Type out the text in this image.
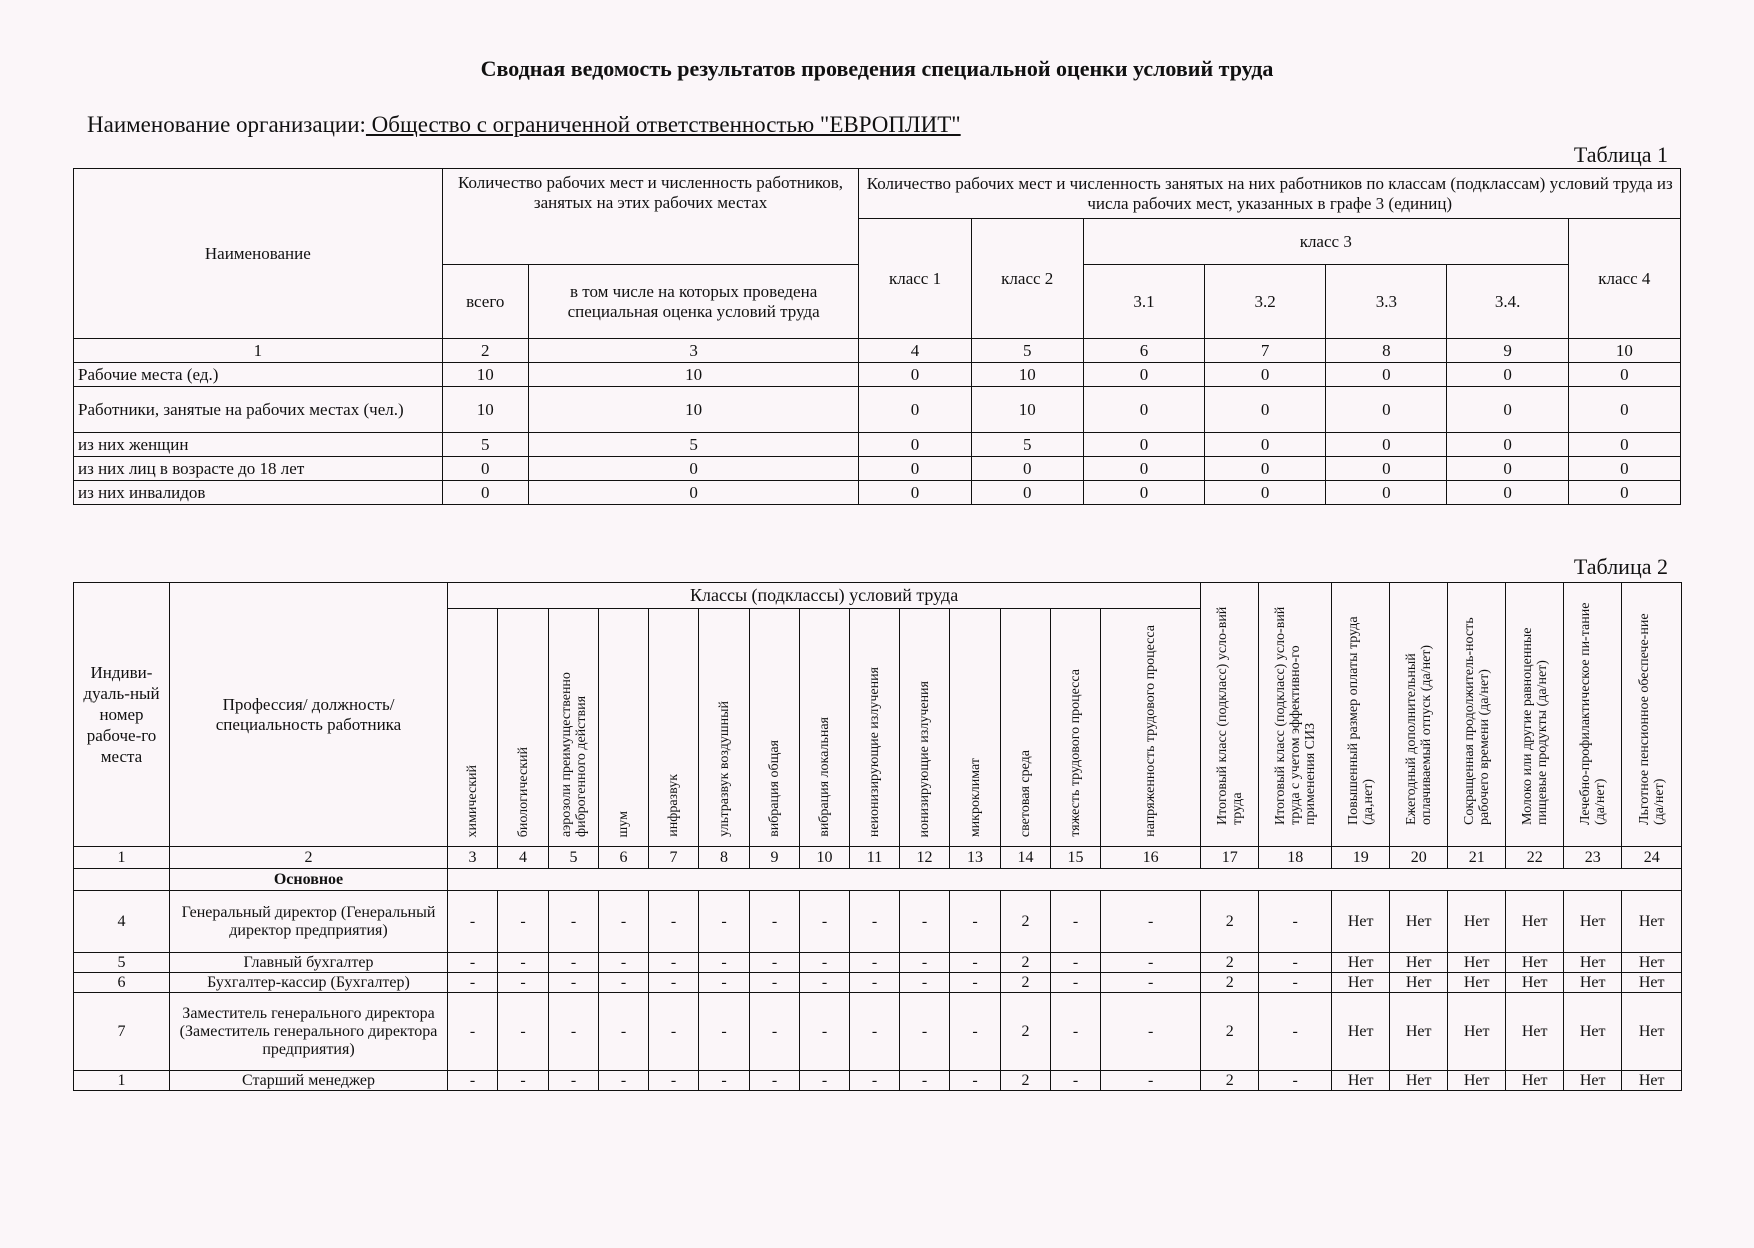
Сводная ведомость результатов проведения специальной оценки условий труда
Наименование организации: Общество с ограниченной ответственностью "ЕВРОПЛИТ"
Таблица 1
Наименование	Количество рабочих мест и численность работников, занятых на этих рабочих местах		Количество рабочих мест и численность занятых на них работников по классам (подклассам) условий труда из числа рабочих мест, указанных в графе 3 (единиц)						
			класс 1	класс 2	класс 3				класс 4
	всего	в том числе на которых проведена специальная оценка условий труда			3.1	3.2	3.3	3.4.	
1	2	3	4	5	6	7	8	9	10
Рабочие места (ед.)	10	10	0	10	0	0	0	0	0
Работники, занятые на рабочих местах (чел.)	10	10	0	10	0	0	0	0	0
из них женщин	5	5	0	5	0	0	0	0	0
из них лиц в возрасте до 18 лет	0	0	0	0	0	0	0	0	0
из них инвалидов	0	0	0	0	0	0	0	0	0
Таблица 2
Индиви-дуаль-ный номер рабоче-го места	Профессия/ должность/ специальность работника	Классы (подклассы) условий труда														Итоговый класс (подкласс) усло-вий труда	Итоговый класс (подкласс) усло-вий труда с учетом эффективно-го применения СИЗ	Повышенный размер оплаты труда (да,нет)	Ежегодный дополнительный оплачиваемый отпуск (да/нет)	Сокращенная продолжитель-ность рабочего времени (да/нет)	Молоко или другие равноценные пищевые продукты (да/нет)	Лечебно-профилактическое пи-тание (да/нет)	Льготное пенсионное обеспече-ние (да/нет)
		химический	биологический	аэрозоли преимущественно фиброгенного действия	шум	инфразвук	ультразвук воздушный	вибрация общая	вибрация локальная	неионизирующие излучения	ионизирующие излучения	микроклимат	световая среда	тяжесть трудового процесса	напряженность трудового процесса								
1	2	3	4	5	6	7	8	9	10	11	12	13	14	15	16	17	18	19	20	21	22	23	24
	Основное																						
4	Генеральный директор (Генеральный директор предприятия)	-	-	-	-	-	-	-	-	-	-	-	2	-	-	2	-	Нет	Нет	Нет	Нет	Нет	Нет
5	Главный бухгалтер	-	-	-	-	-	-	-	-	-	-	-	2	-	-	2	-	Нет	Нет	Нет	Нет	Нет	Нет
6	Бухгалтер-кассир (Бухгалтер)	-	-	-	-	-	-	-	-	-	-	-	2	-	-	2	-	Нет	Нет	Нет	Нет	Нет	Нет
7	Заместитель генерального директора (Заместитель генерального директора предприятия)	-	-	-	-	-	-	-	-	-	-	-	2	-	-	2	-	Нет	Нет	Нет	Нет	Нет	Нет
1	Старший менеджер	-	-	-	-	-	-	-	-	-	-	-	2	-	-	2	-	Нет	Нет	Нет	Нет	Нет	Нет
